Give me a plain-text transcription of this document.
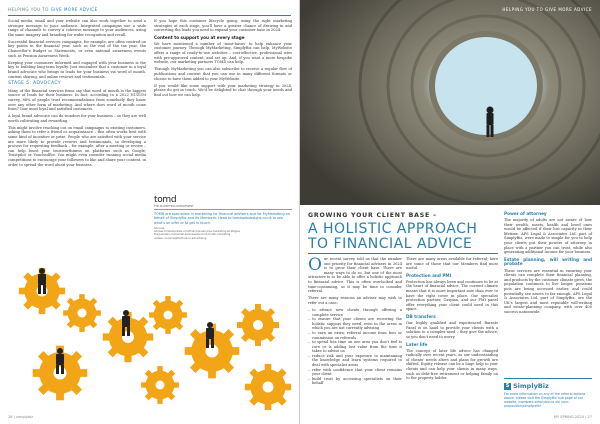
HELPING YOU TO GIVE MORE ADVICE

Social media, email and your website can also work together to send a stronger message to your audience. Integrated campaigns use a wide range of channels to convey a cohesive message to your audiences, using the same imagery and branding for wider recognition and recall.

Successful financial services campaigns, for example, are often centred on key points in the financial year, such as the end of the tax year, the Chancellor's Budget or Statements, or even national awareness events such as Pension Awareness Week.

Keeping your customers informed and engaged with your business is the key to building long-term loyalty. Just remember that a customer in a loyal brand advocate who brings in leads for your business via word of mouth, content sharing, and online reviews and testimonials.

STAGE 5: ADVOCACY

Many of the financial services firms say that word of mouth is the biggest source of leads for their business. In fact, according to a 2022 NUZUM survey, 88% of people trust recommendations from somebody they know over any other form of marketing. And where does word of mouth come from? Your most loyal and satisfied customers.

A loyal brand advocate can do wonders for your business – so they are well worth cultivating and rewarding.

This might involve reaching out on email campaigns to existing customers, asking them to refer a friend or acquaintance – this often works best with some kind of incentive or prize. People who are satisfied with your service are more likely to provide reviews and testimonials, so developing a process for requesting feedback – for example, after a meeting or review – can help boost your trustworthiness on platforms such as Google, Trustpilot or VouchedFor. You might even consider running social media competitions to encourage your followers to like and share your content, in order to spread the word about your business.

If you hope this customer lifecycle going, using the right marketing strategies at each stage, you'll have a greater chance of drawing in and converting the leads you need to expand your customer base in 2024.

Content to support you at every stage

We have mentioned a number of 'must-haves' to help enhance your customer journey. Through MyMarketing, SimplyBiz can help. MyWebsite offers a range of ready-to-use websites – cost-effective, professional sites with pre-approved content, and set up. And, if you want a more bespoke website, our marketing partners TOMD can help.

Through MyMarketing you can also subscribe to receive a regular flow of publications and content that you can use in many different formats or choose to have them added to your MyWebsite.

If you would like some support with your marketing strategy in 2024, please do get in touch. We'd be delighted to chat through your needs and find out how we can help.

tomd
THE MARKETING DEPARTMENT
TOMD are specialists in marketing for financial advisers and for MyMarketing on behalf of SimplyBiz and its Members. Head to tomdwebdesigns.co.uk to see what's on offer or to get in touch.
Sources:
adviser-fundamentals.com/financial-services-marketing-strategies
theguardian.com/small-business/word-of-mouth-marketing
nielsen.com/insights/trust-in-advertising
26 | simplybiz
HELPING YOU TO GIVE MORE ADVICE
GROWING YOUR CLIENT BASE –
A HOLISTIC APPROACH TO FINANCIAL ADVICE

Our recent survey told us that the number one priority for financial advisers in 2024 is to grow their client base. There are many ways to do so, but one of the most attractive is to be able to offer a holistic approach to financial advice. This is often overlooked and time-consuming, so it may be time to consider referral.

There are many reasons an adviser may wish to refer out a case:

– to attract new clients through offering a complete service
– to ensure that your clients are receiving the holistic support they need, even in the areas in which you are not currently advising
– to earn an extra, referral income from fees or commission on referrals
– to spend less time on one area you don't feel is core or is adding lost value from the time it takes to advise on
– reduce risk and your exposure to maintaining the knowledge and learn systems required to deal with specialist areas
– refer with confidence that your client remains your client
– build trust by accessing specialists on their behalf

There are many areas available for referral; here are some of those that our Members find most useful.

Protection and PMI

Protection has always been and continues to be at the heart of financial advice. The current climate means that it is more important now than ever to have the right cover in place. Our specialist protection partner, Caspian, and our PMI panel offer everything your client could need in this space.

DB transfers

Our highly qualified and experienced Barrats Panel is on hand to provide your clients with a solution to a complex need – they give the advice, so you don't need to worry.

Later life

The concept of later life advice has changed radically over recent years, as our understanding of clients' needs alters and plans for growth are shifted. Equity release can be a huge help to your clients and can help your clients in many ways, such as debt-free retirement or helping family on to the property ladder.

Power of attorney

The majority of adults are not aware of how their wealth, assets, health and loved ones would be affected if their lost capacity in their lifetime. APS Legal & Associates Ltd, part of SimplyBiz, were made to simple for you to help your clients put their powers of attorney in place with a partner you can trust, while also generating additional income for your business.

Estate planning, will writing and probate

These services are essential in ensuring your clients can complete their financial planning, and products by the customer climate gives, the population continues to live longer, pensions pots are being accessed earlier, and could potentially see assets to far enough. APS Legal & Associates Ltd, part of SimplyBiz, are the UK's largest and most reputable will-writing and estate-planning company, with over 400 success nationwide.

S SimplyBiz
For more information on any of the referral options above, please visit the SimplyBiz hub page of our website, members.simplybiz.co.uk/ your-proposition/simplyrefer
MY SPRING 2024 | 27
